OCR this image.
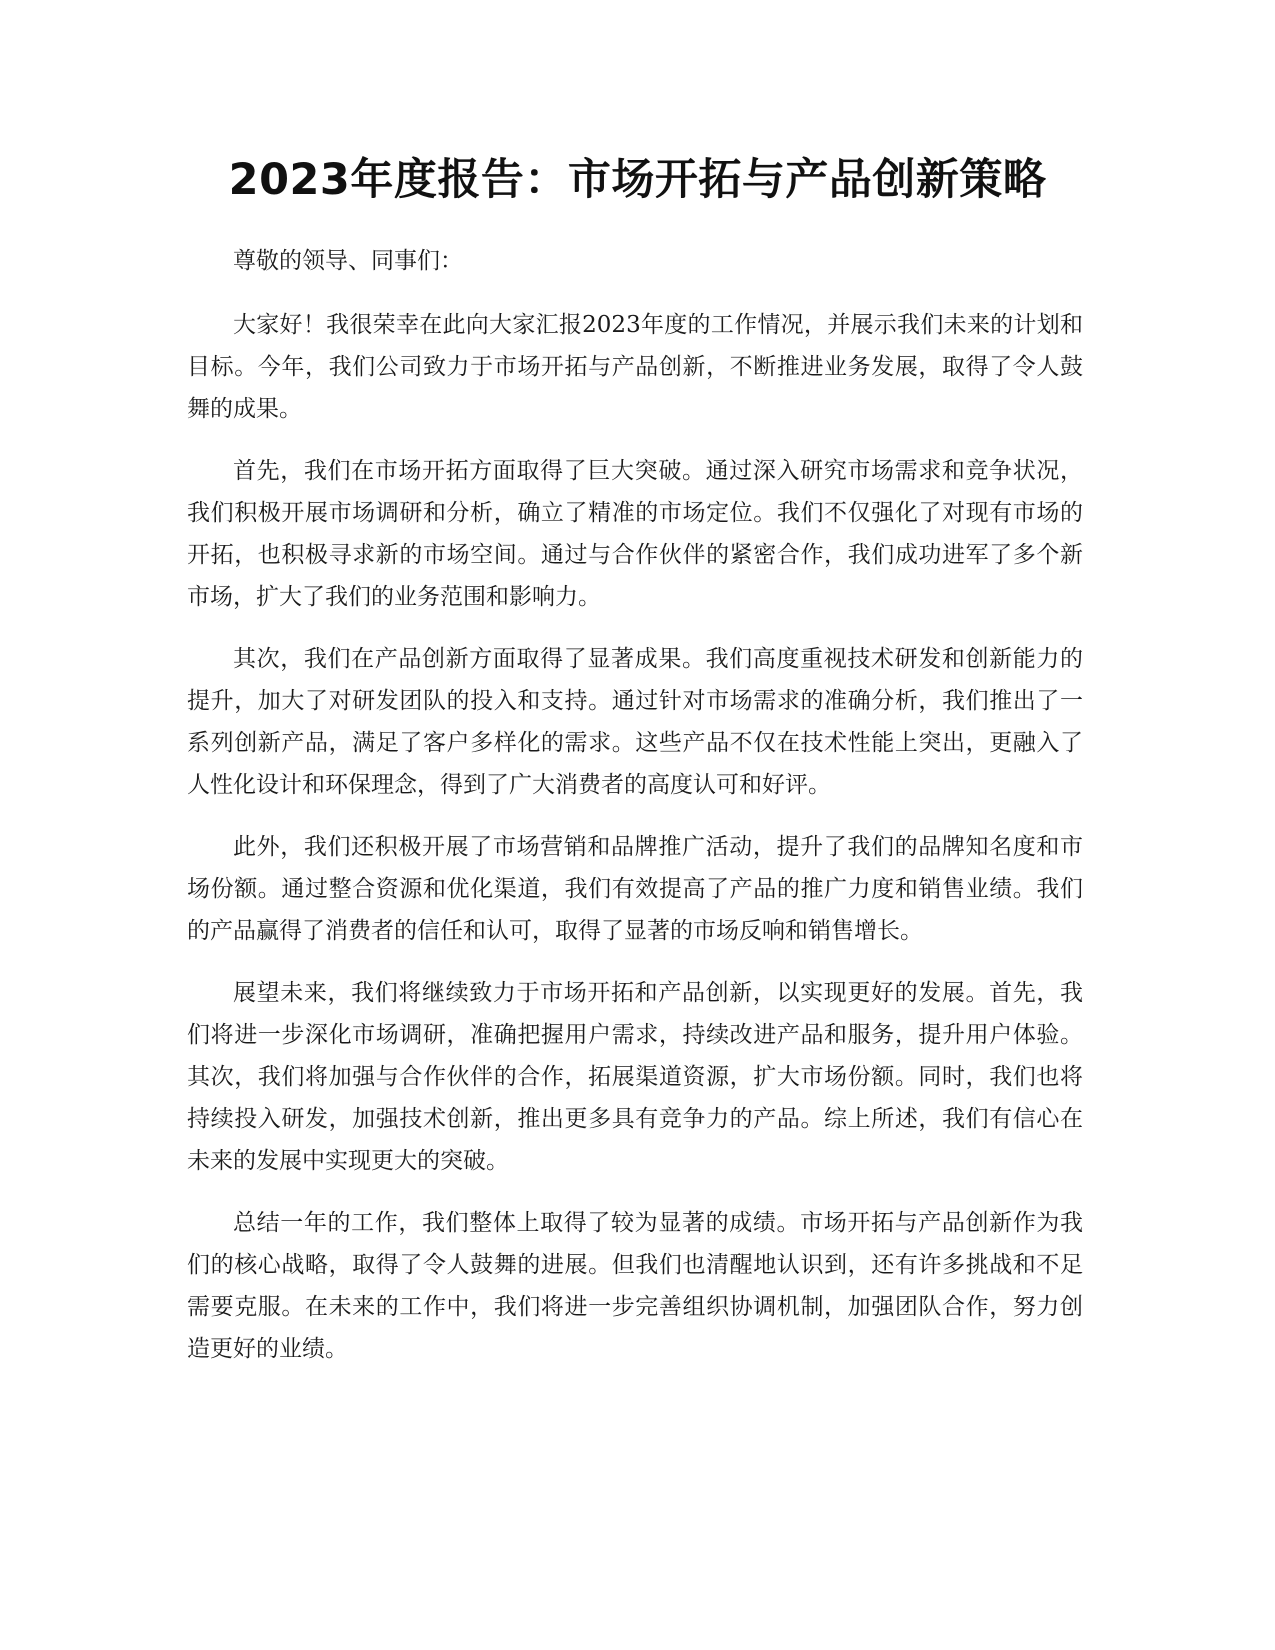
2023年度报告：市场开拓与产品创新策略

尊敬的领导、同事们：

大家好！我很荣幸在此向大家汇报2023年度的工作情况，并展示我们未来的计划和目标。今年，我们公司致力于市场开拓与产品创新，不断推进业务发展，取得了令人鼓舞的成果。

首先，我们在市场开拓方面取得了巨大突破。通过深入研究市场需求和竞争状况，我们积极开展市场调研和分析，确立了精准的市场定位。我们不仅强化了对现有市场的开拓，也积极寻求新的市场空间。通过与合作伙伴的紧密合作，我们成功进军了多个新市场，扩大了我们的业务范围和影响力。

其次，我们在产品创新方面取得了显著成果。我们高度重视技术研发和创新能力的提升，加大了对研发团队的投入和支持。通过针对市场需求的准确分析，我们推出了一系列创新产品，满足了客户多样化的需求。这些产品不仅在技术性能上突出，更融入了人性化设计和环保理念，得到了广大消费者的高度认可和好评。

此外，我们还积极开展了市场营销和品牌推广活动，提升了我们的品牌知名度和市场份额。通过整合资源和优化渠道，我们有效提高了产品的推广力度和销售业绩。我们的产品赢得了消费者的信任和认可，取得了显著的市场反响和销售增长。

展望未来，我们将继续致力于市场开拓和产品创新，以实现更好的发展。首先，我们将进一步深化市场调研，准确把握用户需求，持续改进产品和服务，提升用户体验。其次，我们将加强与合作伙伴的合作，拓展渠道资源，扩大市场份额。同时，我们也将持续投入研发，加强技术创新，推出更多具有竞争力的产品。综上所述，我们有信心在未来的发展中实现更大的突破。

总结一年的工作，我们整体上取得了较为显著的成绩。市场开拓与产品创新作为我们的核心战略，取得了令人鼓舞的进展。但我们也清醒地认识到，还有许多挑战和不足需要克服。在未来的工作中，我们将进一步完善组织协调机制，加强团队合作，努力创造更好的业绩。
